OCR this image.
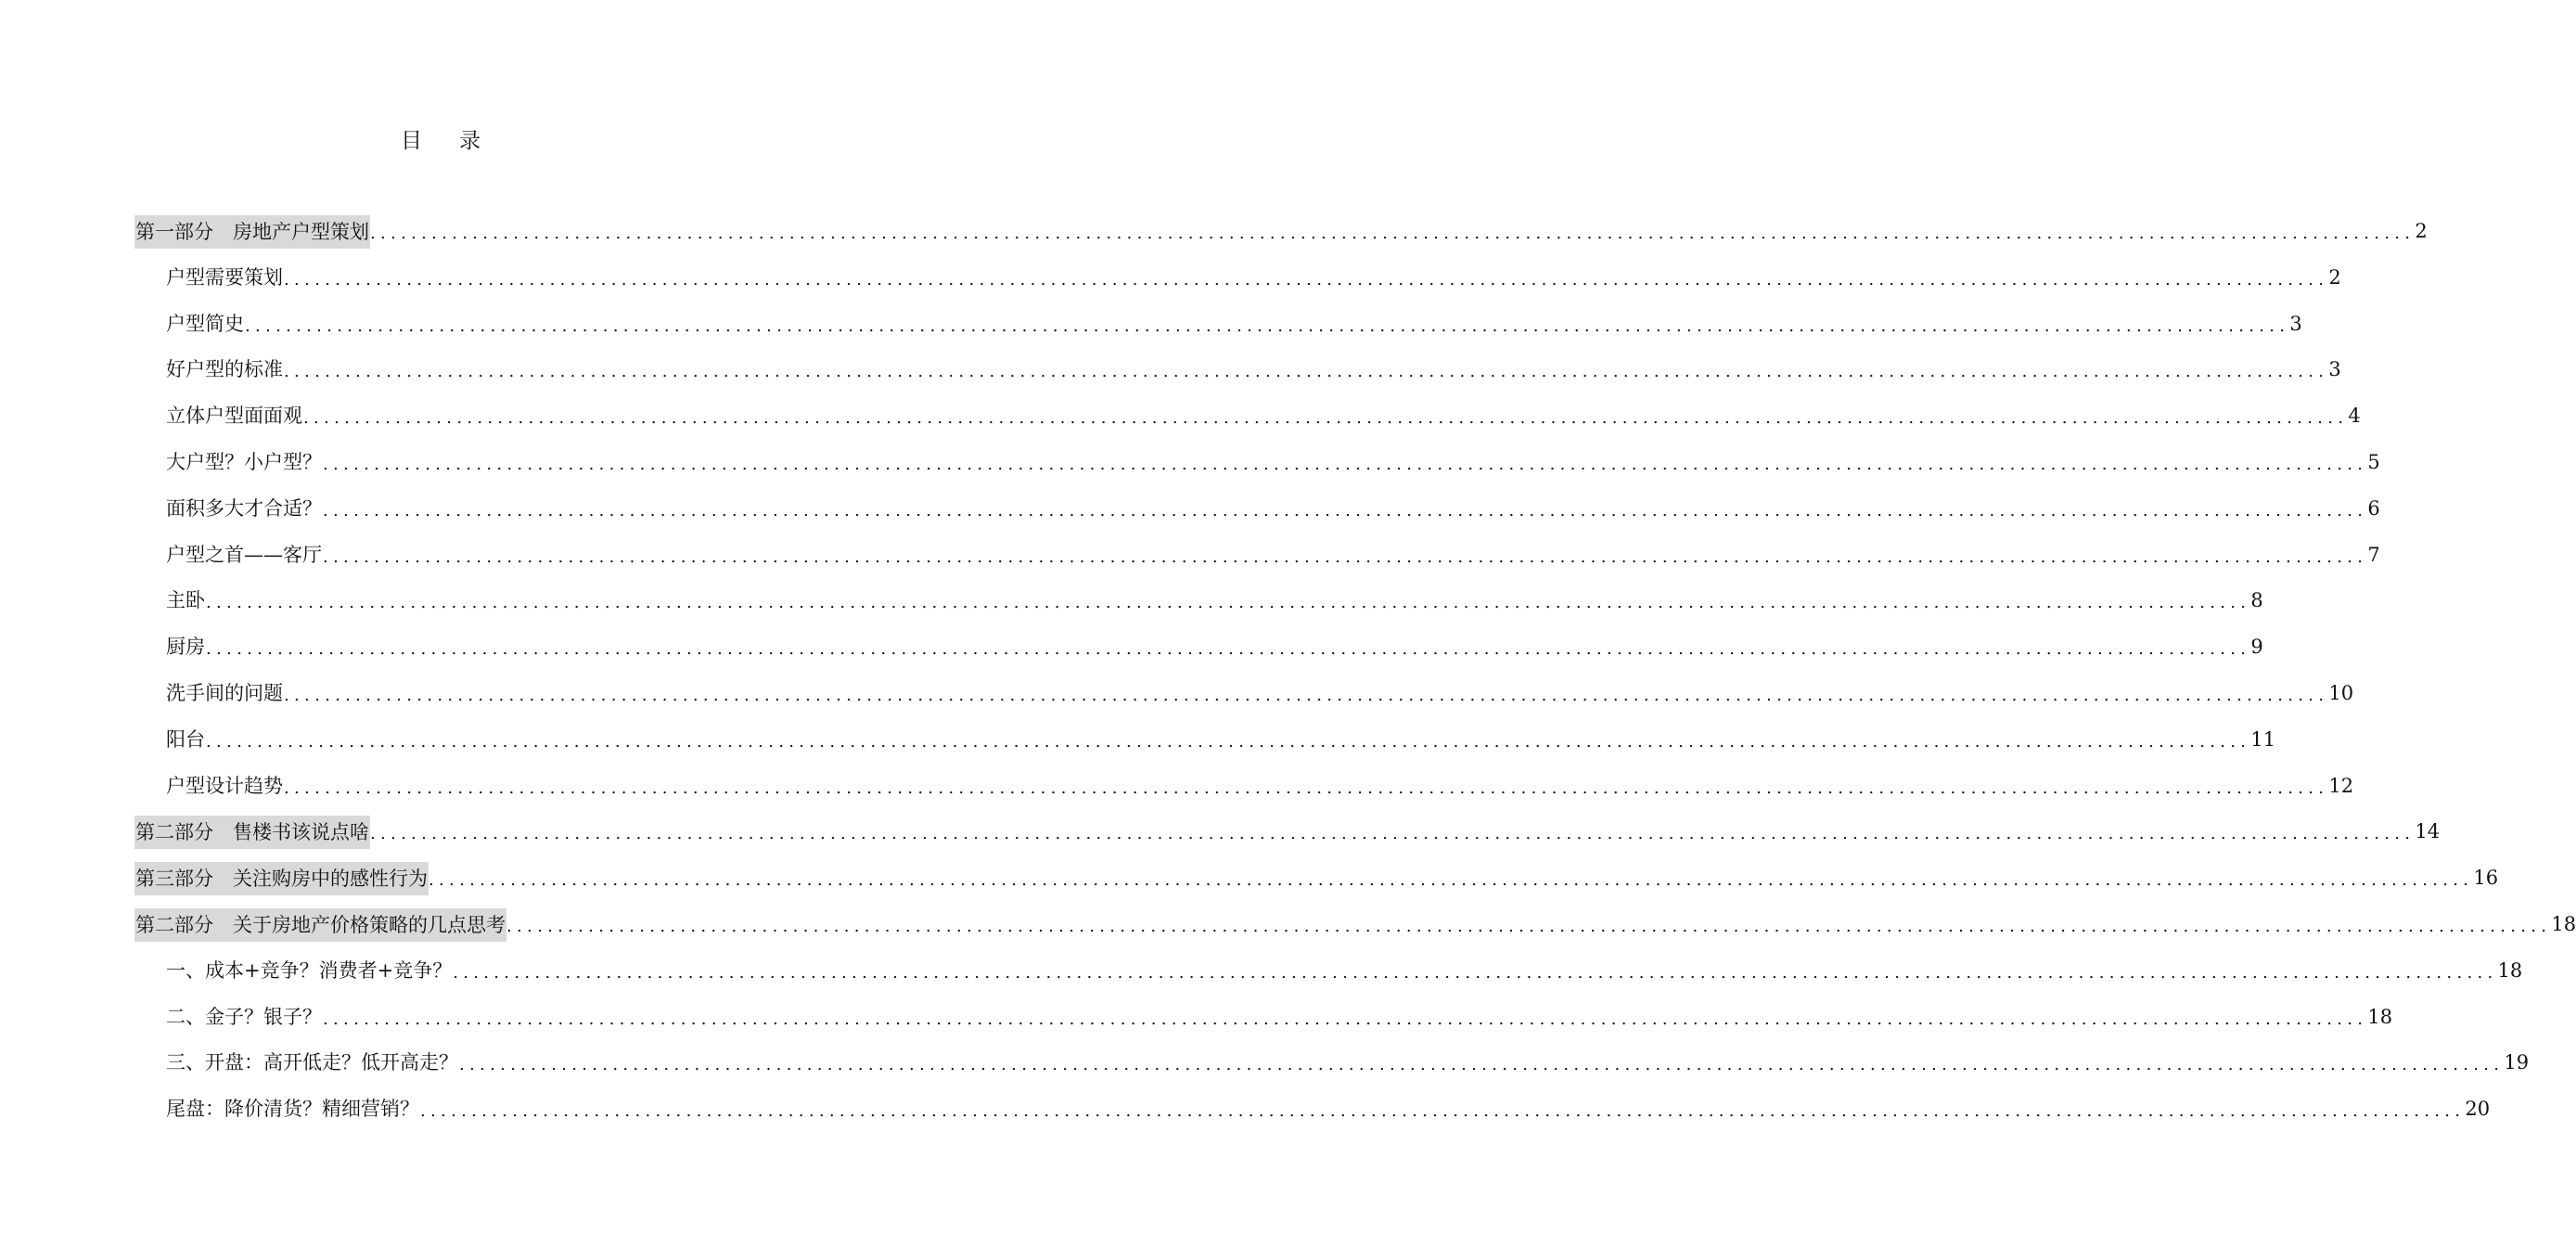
目 录
第一部分　房地产户型策划 ........................................................................................................................................................................................................ 2
户型需要策划 ........................................................................................................................................................................................................ 2
户型简史 ........................................................................................................................................................................................................ 3
好户型的标准 ........................................................................................................................................................................................................ 3
立体户型面面观 ........................................................................................................................................................................................................ 4
大户型？小户型？ ........................................................................................................................................................................................................ 5
面积多大才合适？ ........................................................................................................................................................................................................ 6
户型之首——客厅 ........................................................................................................................................................................................................ 7
主卧 ........................................................................................................................................................................................................ 8
厨房 ........................................................................................................................................................................................................ 9
洗手间的问题 ........................................................................................................................................................................................................ 10
阳台 ........................................................................................................................................................................................................ 11
户型设计趋势 ........................................................................................................................................................................................................ 12
第二部分　售楼书该说点啥 ........................................................................................................................................................................................................ 14
第三部分　关注购房中的感性行为 ........................................................................................................................................................................................................ 16
第二部分　关于房地产价格策略的几点思考 ........................................................................................................................................................................................................ 18
一、成本+竞争？消费者+竞争？ ........................................................................................................................................................................................................ 18
二、金子？银子？ ........................................................................................................................................................................................................ 18
三、开盘：高开低走？低开高走？ ........................................................................................................................................................................................................ 19
尾盘：降价清货？精细营销？ ........................................................................................................................................................................................................ 20
